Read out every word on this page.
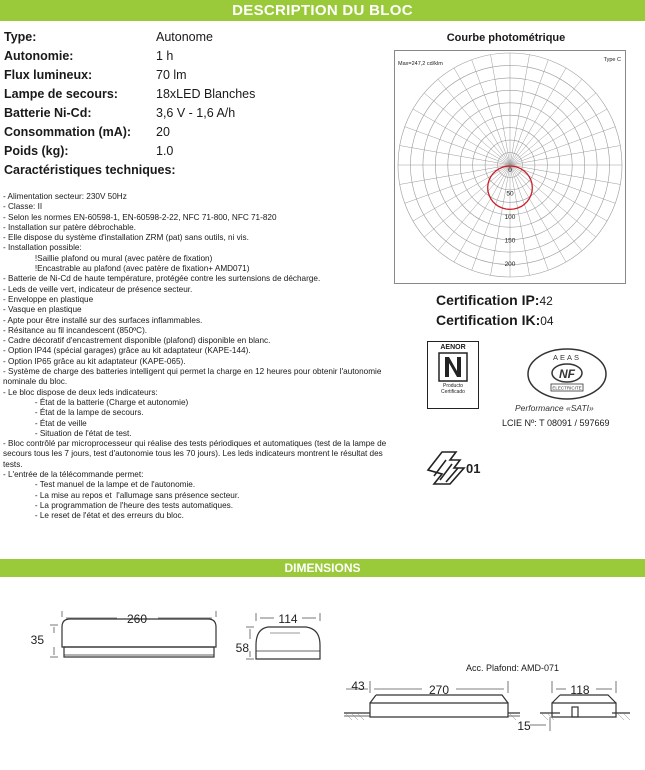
DESCRIPTION DU BLOC
Type:	Autonome
Autonomie:	1 h
Flux lumineux:	70 lm
Lampe de secours:	18xLED Blanches
Batterie Ni-Cd:	3,6 V - 1,6 A/h
Consommation (mA): 20
Poids (kg):	1.0
Caractéristiques techniques:
- Alimentation secteur: 230V 50Hz
- Classe: II
- Selon les normes EN-60598-1, EN-60598-2-22, NFC 71-800, NFC 71-820
- Installation sur patère débrochable.
- Elle dispose du système d'installation ZRM (pat) sans outils, ni vis.
- Installation possible:
!Saillie plafond ou mural (avec patère de fixation)
!Encastrable au plafond (avec patère de fixation+ AMD071)
- Batterie de Ni-Cd de haute température, protégée contre les surtensions de décharge.
- Leds de veille vert, indicateur de présence secteur.
- Enveloppe en plastique
- Vasque en plastique
- Apte pour être installé sur des surfaces inflammables.
- Résitance au fil incandescent (850ºC).
- Cadre décoratif d'encastrement disponible (plafond) disponible en blanc.
- Option IP44 (spécial garages) grâce au kit adaptateur (KAPE-144).
- Option IP65 grâce au kit adaptateur (KAPE-065).
- Système de charge des batteries intelligent qui permet la charge en 12 heures pour obtenir l'autonomie nominale du bloc.
- Le bloc dispose de deux leds indicateurs:
- État de la batterie (Charge et autonomie)
- État de la lampe de secours.
- État de veille
- Situation de l'état de test.
- Bloc contrôlé par microprocesseur qui réalise des tests périodiques et automatiques (test de la lampe de secours tous les 7 jours, test d'autonomie tous les 70 jours). Les leds indicateurs montrent le résultat des tests.
- L'entrée de la télécommande permet:
- Test manuel de la lampe et de l'autonomie.
- La mise au repos et  l'allumage sans présence secteur.
- La programmation de l'heure des tests automatiques.
- Le reset de l'état et des erreurs du bloc.
Courbe photométrique
Max=247,2 cd/klm
Type C
0
50
100
150
200
Certification IP:42
Certification IK:04
AENOR
Producto
Certificado
AEAS
NF
ELECTRICITE
Performance «SATI»
LCIE Nº: T 08091 / 597669
01
DIMENSIONS
260
35
114
58
43	270	118
15
Acc. Plafond: AMD-071
